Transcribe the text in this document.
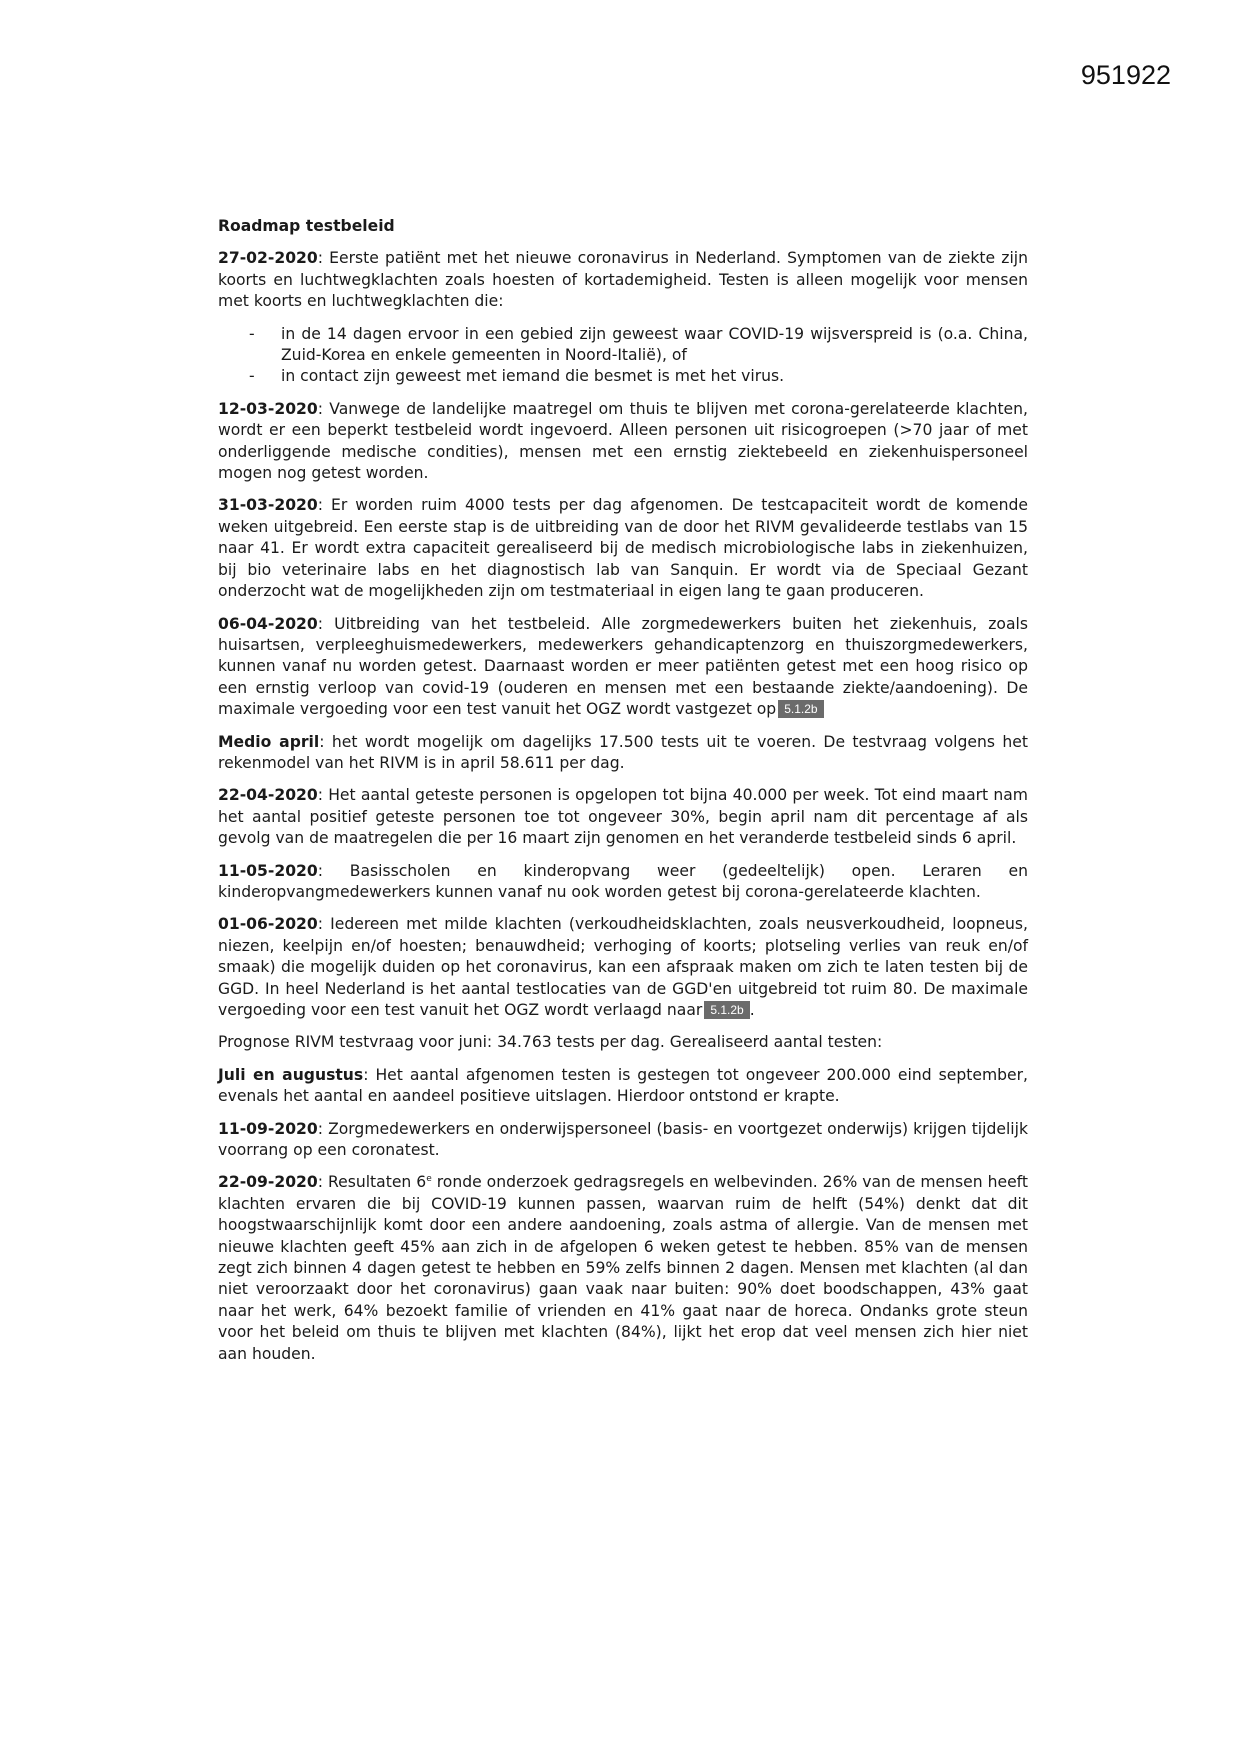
951922
Roadmap testbeleid

27-02-2020: Eerste patiënt met het nieuwe coronavirus in Nederland. Symptomen van de ziekte zijn koorts en luchtwegklachten zoals hoesten of kortademigheid. Testen is alleen mogelijk voor mensen met koorts en luchtwegklachten die:

- in de 14 dagen ervoor in een gebied zijn geweest waar COVID-19 wijsverspreid is (o.a. China, Zuid-Korea en enkele gemeenten in Noord-Italië), of
- in contact zijn geweest met iemand die besmet is met het virus.

12-03-2020: Vanwege de landelijke maatregel om thuis te blijven met corona-gerelateerde klachten, wordt er een beperkt testbeleid wordt ingevoerd. Alleen personen uit risicogroepen (>70 jaar of met onderliggende medische condities), mensen met een ernstig ziektebeeld en ziekenhuispersoneel mogen nog getest worden.

31-03-2020: Er worden ruim 4000 tests per dag afgenomen. De testcapaciteit wordt de komende weken uitgebreid. Een eerste stap is de uitbreiding van de door het RIVM gevalideerde testlabs van 15 naar 41. Er wordt extra capaciteit gerealiseerd bij de medisch microbiologische labs in ziekenhuizen, bij bio veterinaire labs en het diagnostisch lab van Sanquin. Er wordt via de Speciaal Gezant onderzocht wat de mogelijkheden zijn om testmateriaal in eigen lang te gaan produceren.

06-04-2020: Uitbreiding van het testbeleid. Alle zorgmedewerkers buiten het ziekenhuis, zoals huisartsen, verpleeghuismedewerkers, medewerkers gehandicaptenzorg en thuiszorgmedewerkers, kunnen vanaf nu worden getest. Daarnaast worden er meer patiënten getest met een hoog risico op een ernstig verloop van covid-19 (ouderen en mensen met een bestaande ziekte/aandoening). De maximale vergoeding voor een test vanuit het OGZ wordt vastgezet op 5.1.2b

Medio april: het wordt mogelijk om dagelijks 17.500 tests uit te voeren. De testvraag volgens het rekenmodel van het RIVM is in april 58.611 per dag.

22-04-2020: Het aantal geteste personen is opgelopen tot bijna 40.000 per week. Tot eind maart nam het aantal positief geteste personen toe tot ongeveer 30%, begin april nam dit percentage af als gevolg van de maatregelen die per 16 maart zijn genomen en het veranderde testbeleid sinds 6 april.

11-05-2020: Basisscholen en kinderopvang weer (gedeeltelijk) open. Leraren en kinderopvangmedewerkers kunnen vanaf nu ook worden getest bij corona-gerelateerde klachten.

01-06-2020: Iedereen met milde klachten (verkoudheidsklachten, zoals neusverkoudheid, loopneus, niezen, keelpijn en/of hoesten; benauwdheid; verhoging of koorts; plotseling verlies van reuk en/of smaak) die mogelijk duiden op het coronavirus, kan een afspraak maken om zich te laten testen bij de GGD. In heel Nederland is het aantal testlocaties van de GGD'en uitgebreid tot ruim 80. De maximale vergoeding voor een test vanuit het OGZ wordt verlaagd naar 5.1.2b .

Prognose RIVM testvraag voor juni: 34.763 tests per dag. Gerealiseerd aantal testen:

Juli en augustus: Het aantal afgenomen testen is gestegen tot ongeveer 200.000 eind september, evenals het aantal en aandeel positieve uitslagen. Hierdoor ontstond er krapte.

11-09-2020: Zorgmedewerkers en onderwijspersoneel (basis- en voortgezet onderwijs) krijgen tijdelijk voorrang op een coronatest.

22-09-2020: Resultaten 6e ronde onderzoek gedragsregels en welbevinden. 26% van de mensen heeft klachten ervaren die bij COVID-19 kunnen passen, waarvan ruim de helft (54%) denkt dat dit hoogstwaarschijnlijk komt door een andere aandoening, zoals astma of allergie. Van de mensen met nieuwe klachten geeft 45% aan zich in de afgelopen 6 weken getest te hebben. 85% van de mensen zegt zich binnen 4 dagen getest te hebben en 59% zelfs binnen 2 dagen. Mensen met klachten (al dan niet veroorzaakt door het coronavirus) gaan vaak naar buiten: 90% doet boodschappen, 43% gaat naar het werk, 64% bezoekt familie of vrienden en 41% gaat naar de horeca. Ondanks grote steun voor het beleid om thuis te blijven met klachten (84%), lijkt het erop dat veel mensen zich hier niet aan houden.
